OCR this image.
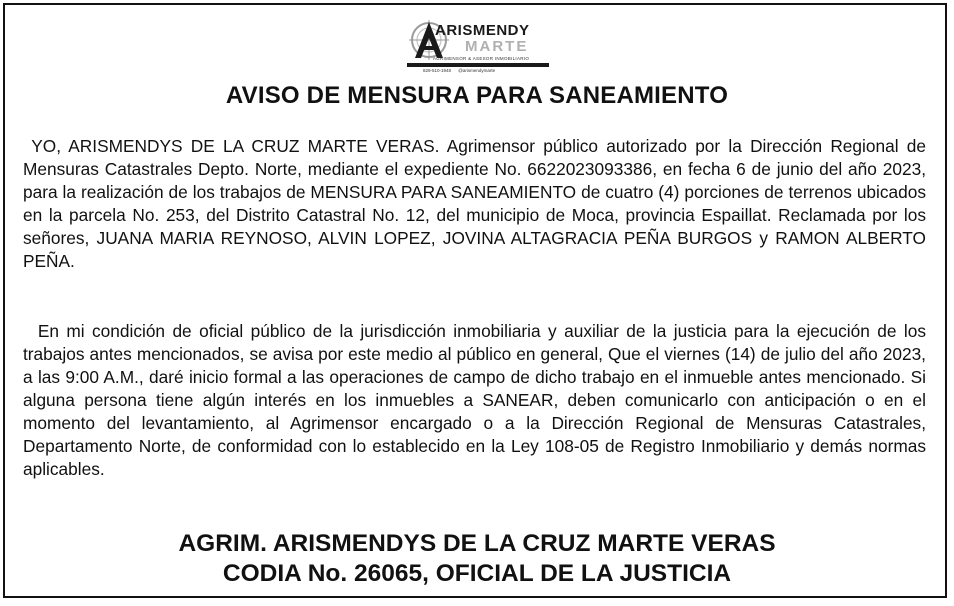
ARISMENDY
MARTE
AGRIMENSOR & ASESOR INMOBILIARIO
829-510-1948 @arismendymarte
AVISO DE MENSURA PARA SANEAMIENTO

YO, ARISMENDYS DE LA CRUZ MARTE VERAS. Agrimensor público autorizado por la Dirección Regional de Mensuras Catastrales Depto. Norte, mediante el expediente No. 6622023093386, en fecha 6 de junio del año 2023, para la realización de los trabajos de MENSURA PARA SANEAMIENTO de cuatro (4) porciones de terrenos ubicados en la parcela No. 253, del Distrito Catastral No. 12, del municipio de Moca, provincia Espaillat. Reclamada por los señores, JUANA MARIA REYNOSO, ALVIN LOPEZ, JOVINA ALTAGRACIA PEÑA BURGOS y RAMON ALBERTO PEÑA.

En mi condición de oficial público de la jurisdicción inmobiliaria y auxiliar de la justicia para la ejecución de los trabajos antes mencionados, se avisa por este medio al público en general, Que el viernes (14) de julio del año 2023, a las 9:00 A.M., daré inicio formal a las operaciones de campo de dicho trabajo en el inmueble antes mencionado. Si alguna persona tiene algún interés en los inmuebles a SANEAR, deben comunicarlo con anticipación o en el momento del levantamiento, al Agrimensor encargado o a la Dirección Regional de Mensuras Catastrales, Departamento Norte, de conformidad con lo establecido en la Ley 108-05 de Registro Inmobiliario y demás normas aplicables.

AGRIM. ARISMENDYS DE LA CRUZ MARTE VERAS
CODIA No. 26065, OFICIAL DE LA JUSTICIA
